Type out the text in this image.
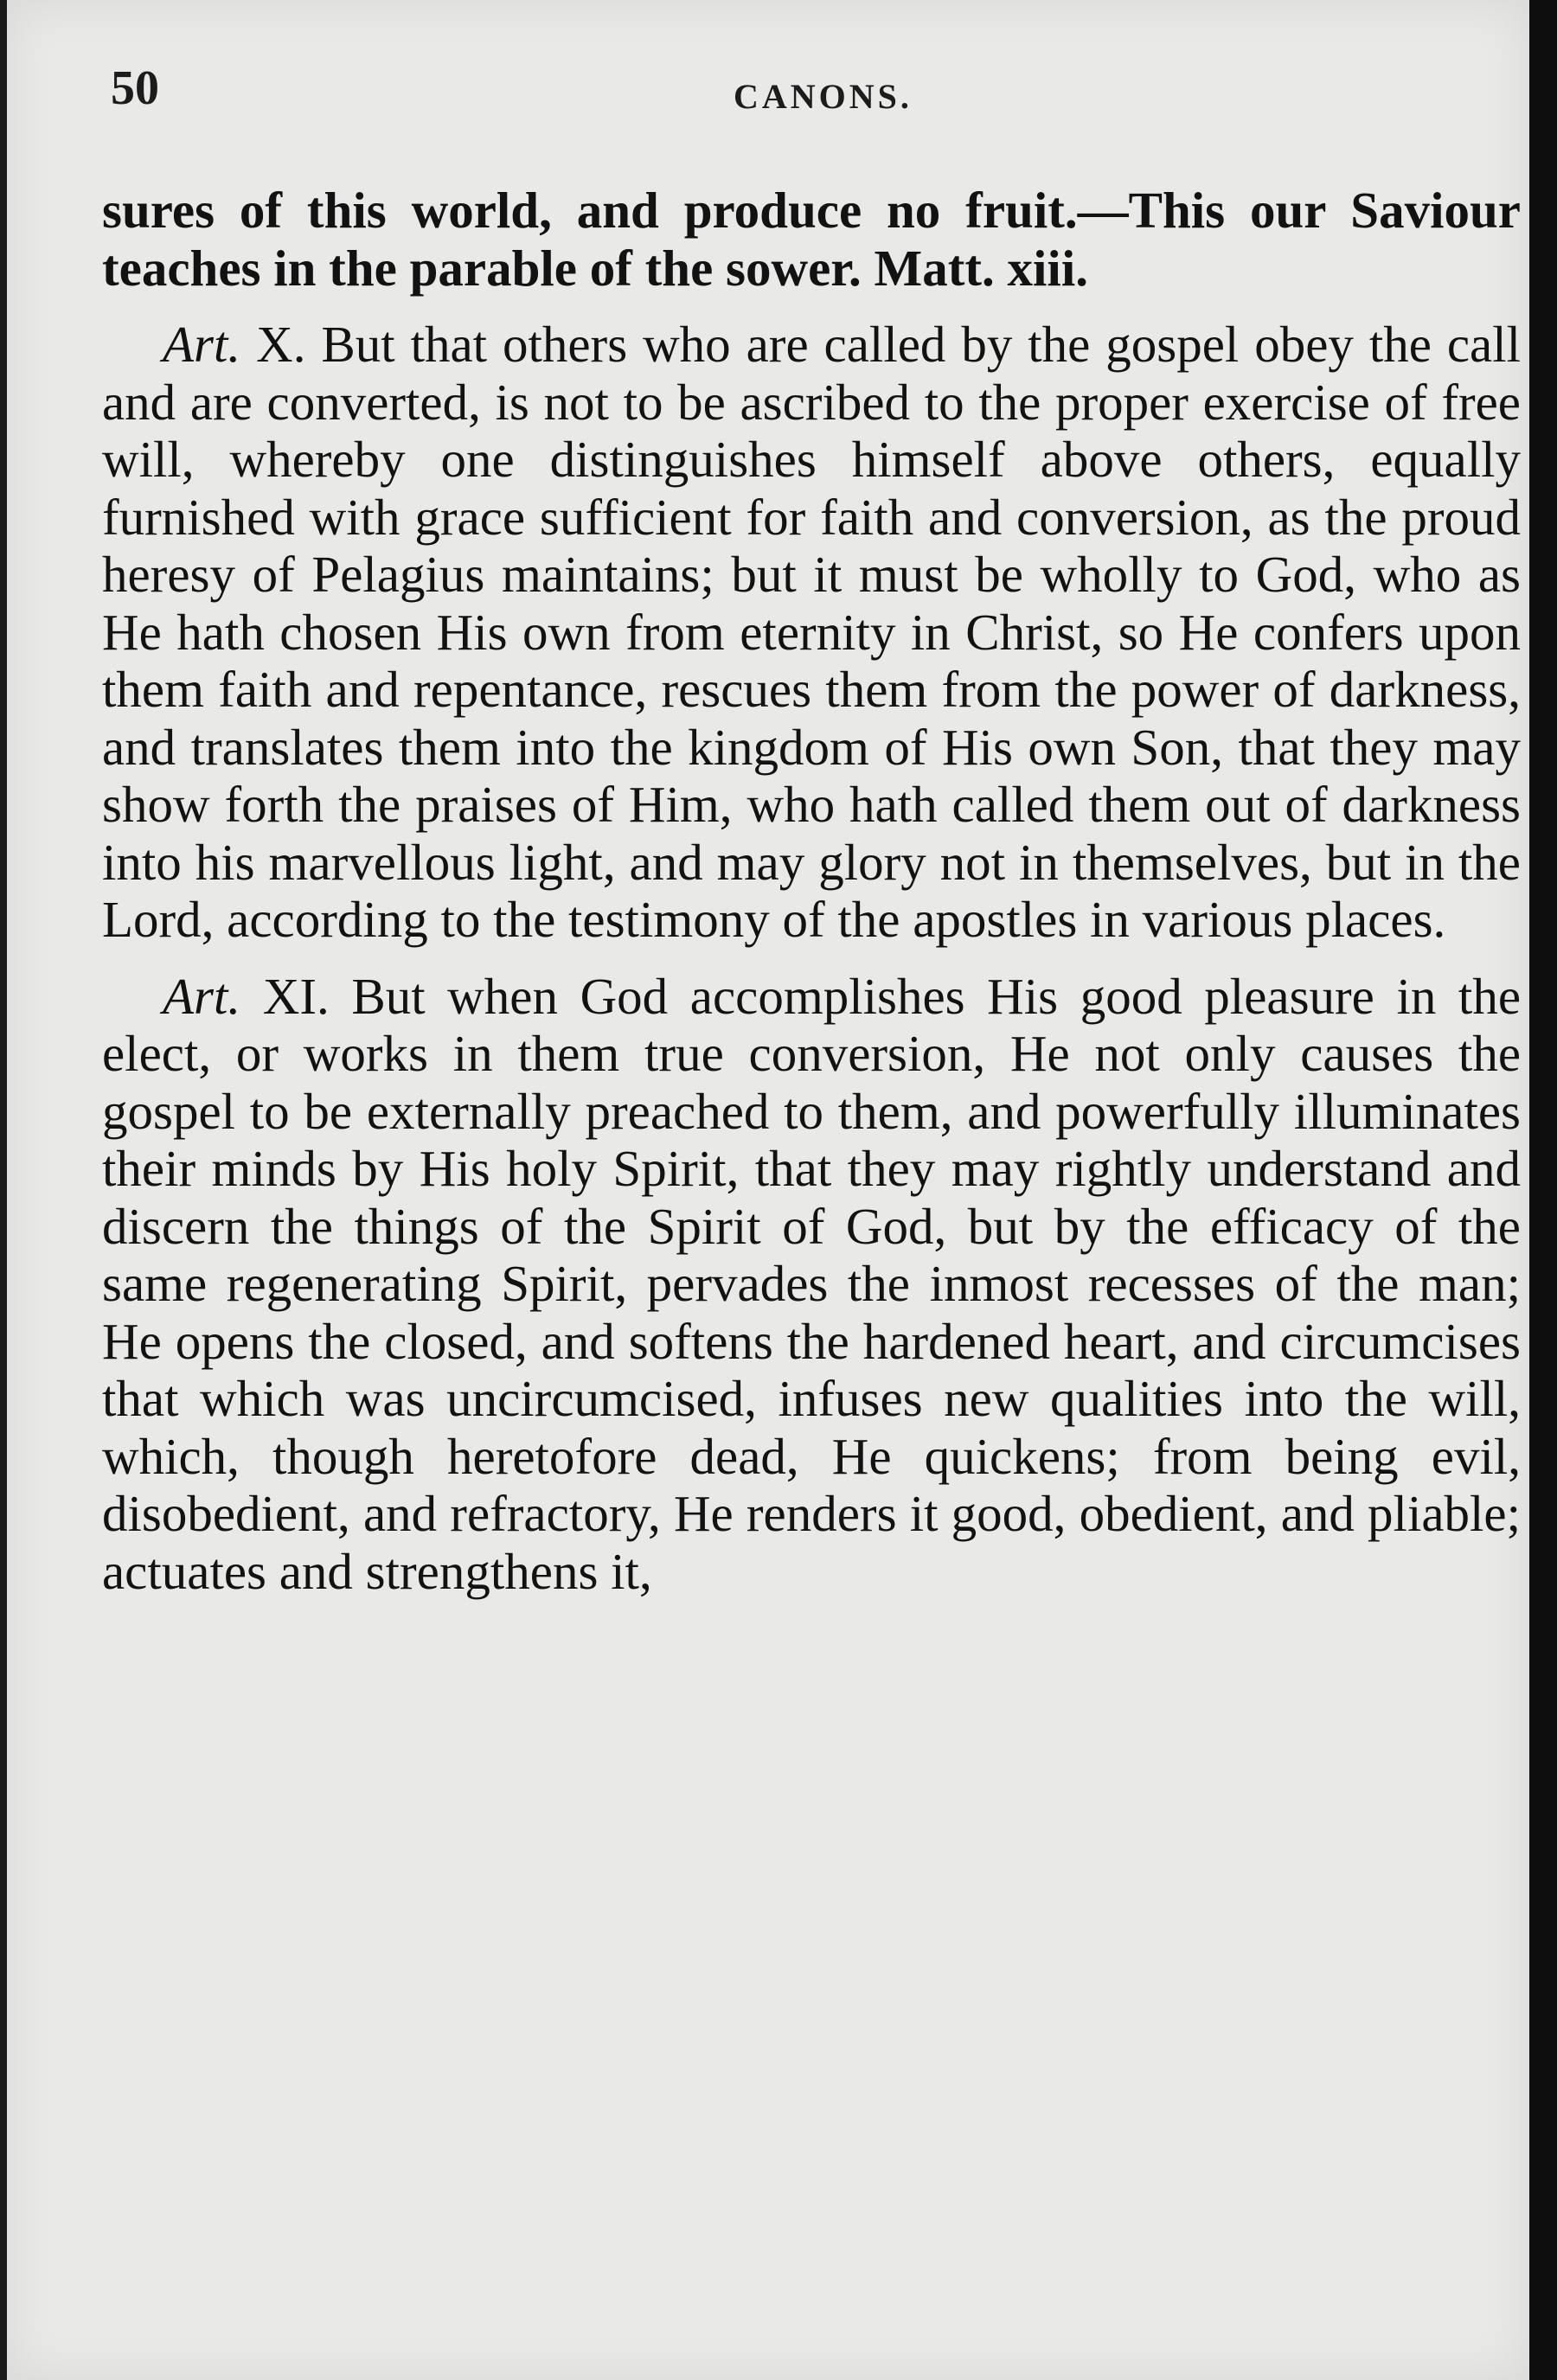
50	CANONS.

sures of this world, and produce no fruit.—This our Saviour teaches in the parable of the sower. Matt. xiii.

Art. X. But that others who are called by the gospel obey the call and are converted, is not to be ascribed to the proper exercise of free will, whereby one distinguishes himself above others, equally furnished with grace sufficient for faith and conversion, as the proud heresy of Pelagius maintains; but it must be wholly to God, who as He hath chosen His own from eternity in Christ, so He confers upon them faith and repentance, rescues them from the power of darkness, and translates them into the kingdom of His own Son, that they may show forth the praises of Him, who hath called them out of darkness into his marvellous light, and may glory not in themselves, but in the Lord, according to the testimony of the apostles in various places.

Art. XI. But when God accomplishes His good pleasure in the elect, or works in them true conversion, He not only causes the gospel to be externally preached to them, and powerfully illuminates their minds by His holy Spirit, that they may rightly understand and discern the things of the Spirit of God, but by the efficacy of the same regenerating Spirit, pervades the inmost recesses of the man; He opens the closed, and softens the hardened heart, and circumcises that which was uncircumcised, infuses new qualities into the will, which, though heretofore dead, He quickens; from being evil, disobedient, and refractory, He renders it good, obedient, and pliable; actuates and strengthens it,
